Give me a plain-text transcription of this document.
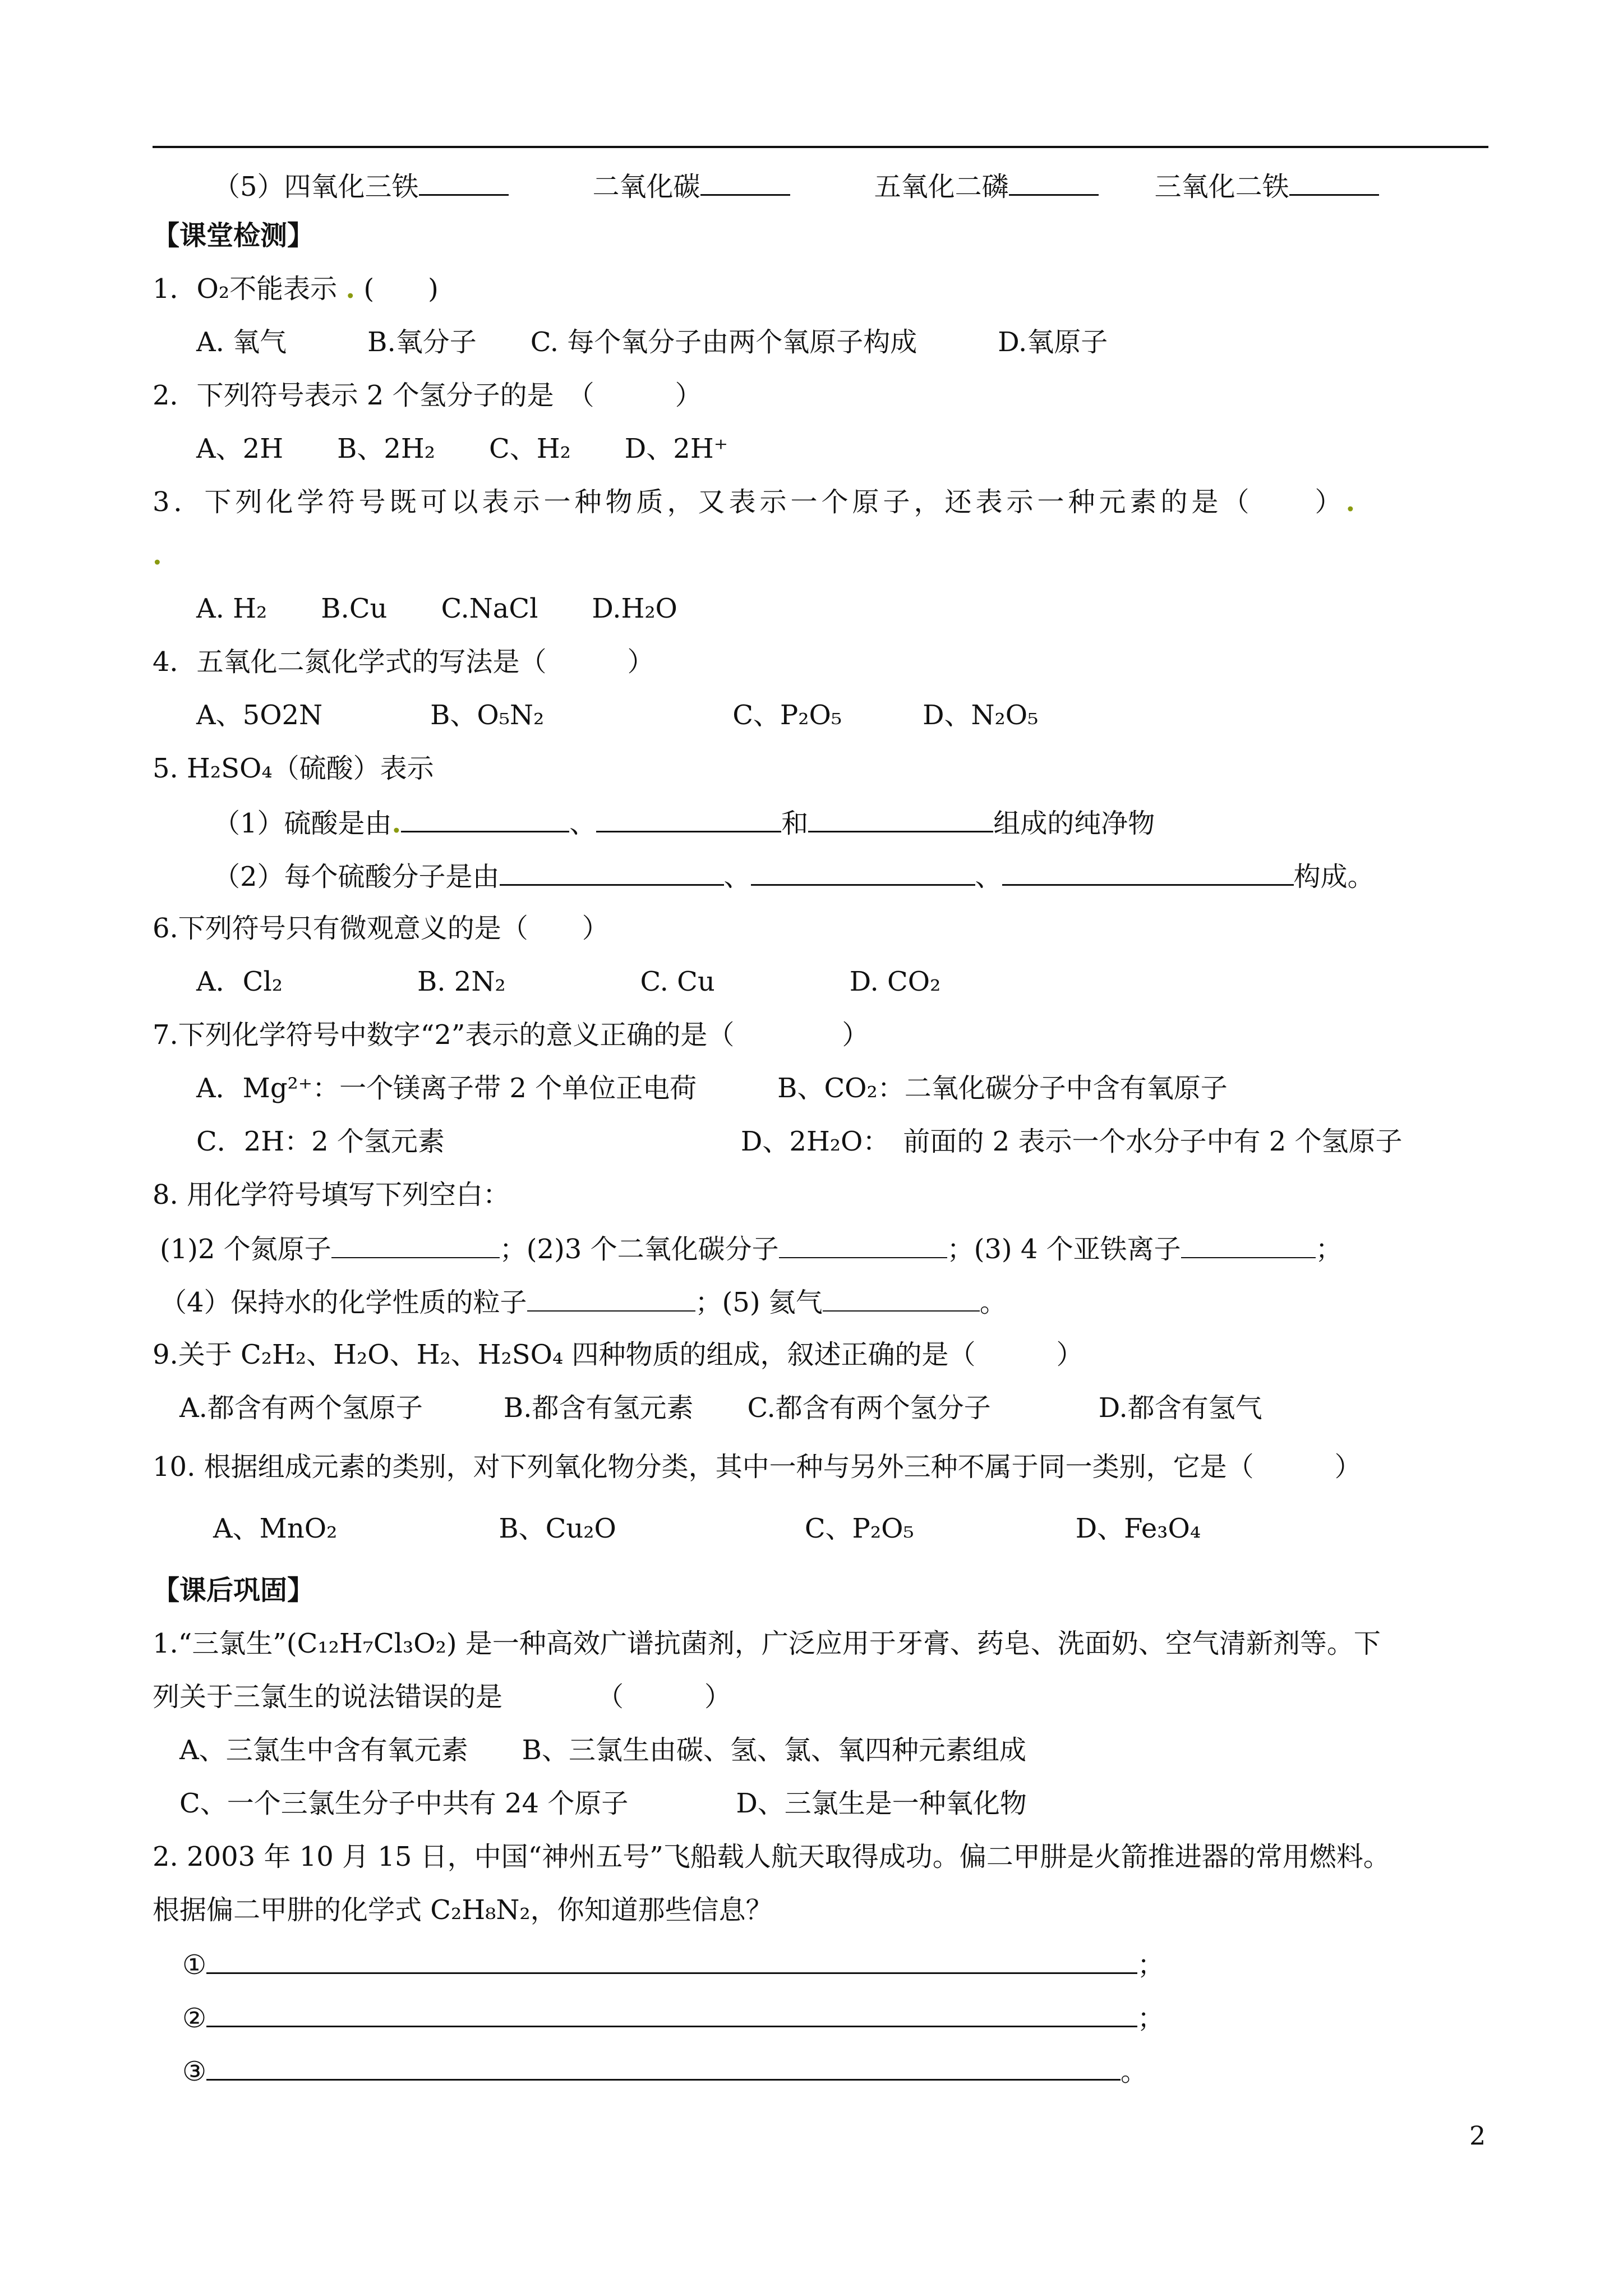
（5）四氧化三铁	二氧化碳	五氧化二磷	三氧化二铁
【课堂检测】
1．O₂不能表示 . (　　)
A. 氧气　　　B.氧分子　　C. 每个氧分子由两个氧原子构成　　　D.氧原子
2．下列符号表示 2 个氢分子的是　（　　　）
A、2H　　B、2H₂　　C、H₂　　D、2H⁺
3．下列化学符号既可以表示一种物质，又表示一个原子，还表示一种元素的是（　　）.
.
A. H₂　　B.Cu　　C.NaCl　　D.H₂O
4．五氧化二氮化学式的写法是（　　　）
A、5O2N　　　　B、O₅N₂　　　　　　　C、P₂O₅　　　D、N₂O₅
5. H₂SO₄（硫酸）表示
（1）硫酸是由.	、	和	组成的纯净物
（2）每个硫酸分子是由	、	、	构成。
6.下列符号只有微观意义的是（　　）
A．Cl₂　　　　　B. 2N₂　　　　　C. Cu　　　　　D. CO₂
7.下列化学符号中数字“2”表示的意义正确的是（　　　　）
A．Mg²⁺：一个镁离子带 2 个单位正电荷　　　B、CO₂：二氧化碳分子中含有氧原子
C．2H：2 个氢元素　　　　　　　　　　　D、2H₂O：　前面的 2 表示一个水分子中有 2 个氢原子
8. 用化学符号填写下列空白：
(1)2 个氮原子	；(2)3 个二氧化碳分子	；(3) 4 个亚铁离子	；
（4）保持水的化学性质的粒子	；(5) 氦气	。
9.关于 C₂H₂、H₂O、H₂、H₂SO₄ 四种物质的组成，叙述正确的是（　　　）
A.都含有两个氢原子　　　B.都含有氢元素　　C.都含有两个氢分子　　　　D.都含有氢气
10. 根据组成元素的类别，对下列氧化物分类，其中一种与另外三种不属于同一类别，它是（　　　）
A、MnO₂　　　　　　B、Cu₂O　　　　　　　C、P₂O₅　　　　　　D、Fe₃O₄
【课后巩固】
1.“三氯生”(C₁₂H₇Cl₃O₂) 是一种高效广谱抗菌剂，广泛应用于牙膏、药皂、洗面奶、空气清新剂等。下
列关于三氯生的说法错误的是　　　　（　　　）
A、三氯生中含有氧元素　　B、三氯生由碳、氢、氯、氧四种元素组成
C、一个三氯生分子中共有 24 个原子　　　　D、三氯生是一种氧化物
2. 2003 年 10 月 15 日，中国“神州五号”飞船载人航天取得成功。偏二甲肼是火箭推进器的常用燃料。
根据偏二甲肼的化学式 C₂H₈N₂，你知道那些信息？
①	；
②	；
③	。
2
